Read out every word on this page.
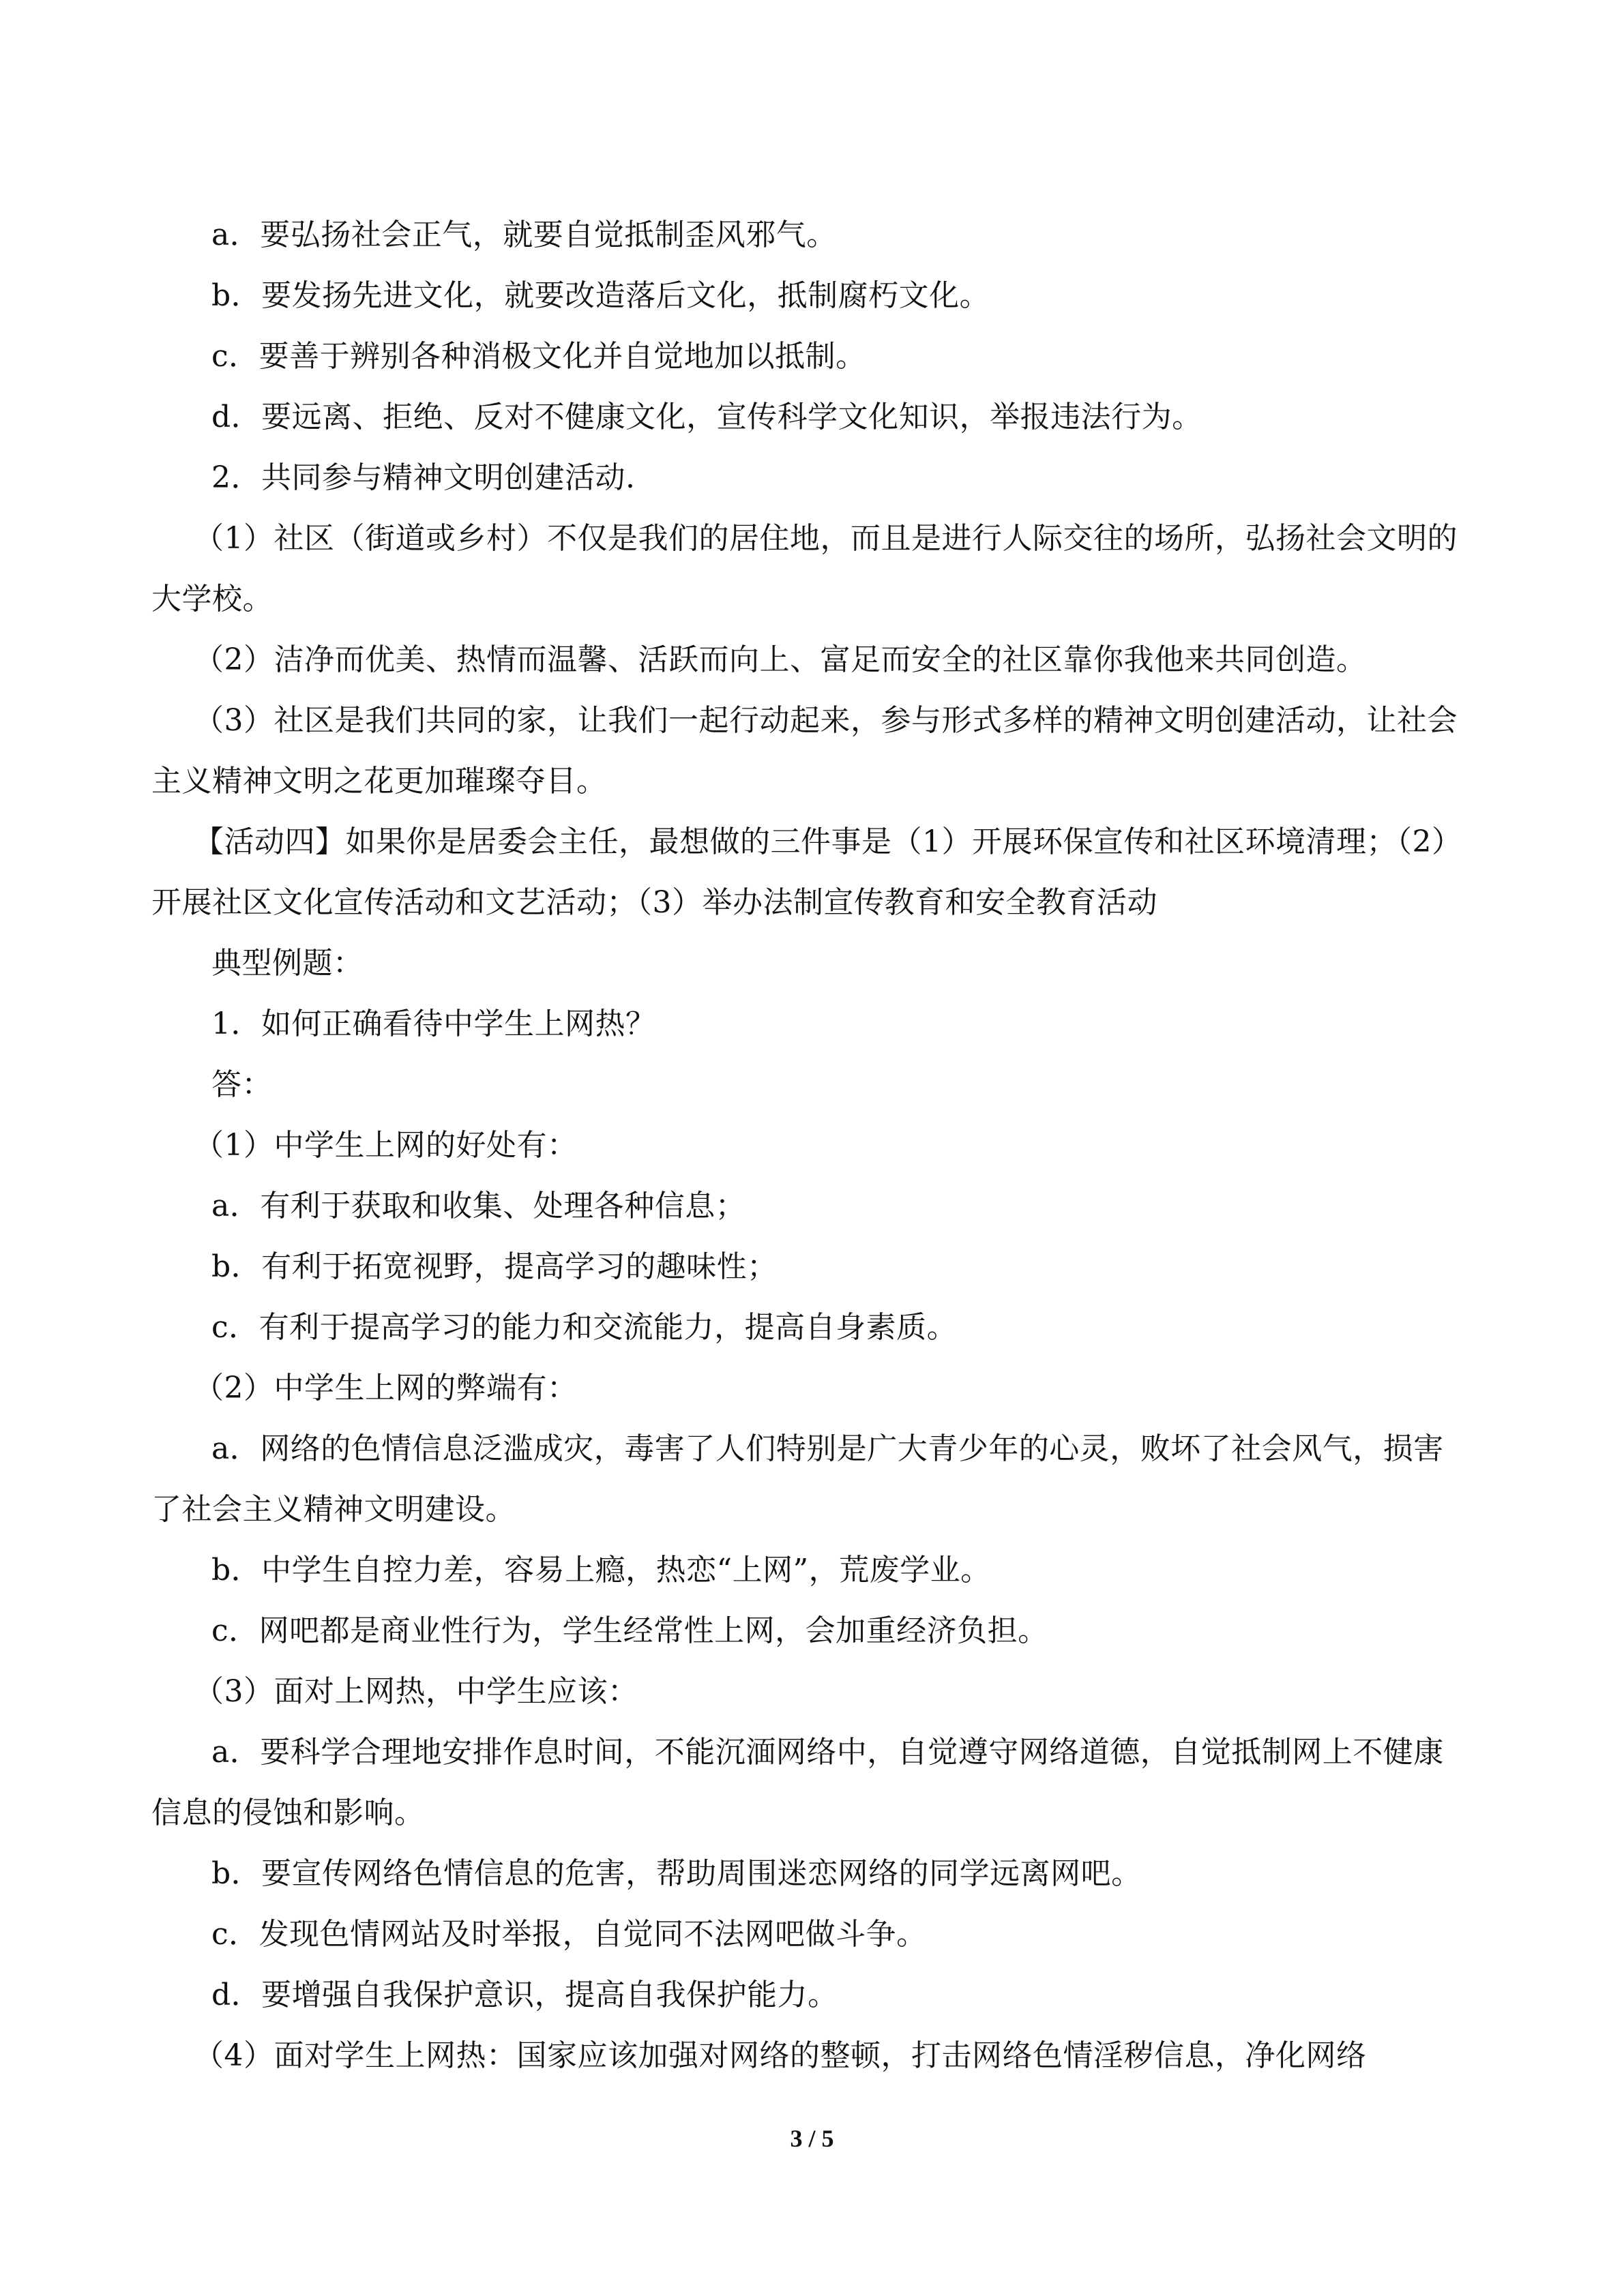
a．要弘扬社会正气，就要自觉抵制歪风邪气。

b．要发扬先进文化，就要改造落后文化，抵制腐朽文化。

c．要善于辨别各种消极文化并自觉地加以抵制。

d．要远离、拒绝、反对不健康文化，宣传科学文化知识，举报违法行为。

2．共同参与精神文明创建活动.

（1）社区（街道或乡村）不仅是我们的居住地，而且是进行人际交往的场所，弘扬社会文明的大学校。

（2）洁净而优美、热情而温馨、活跃而向上、富足而安全的社区靠你我他来共同创造。

（3）社区是我们共同的家，让我们一起行动起来，参与形式多样的精神文明创建活动，让社会主义精神文明之花更加璀璨夺目。

【活动四】如果你是居委会主任，最想做的三件事是（1）开展环保宣传和社区环境清理；（2）开展社区文化宣传活动和文艺活动；（3）举办法制宣传教育和安全教育活动

典型例题：

1．如何正确看待中学生上网热？

答：

（1）中学生上网的好处有：

a．有利于获取和收集、处理各种信息；

b．有利于拓宽视野，提高学习的趣味性；

c．有利于提高学习的能力和交流能力，提高自身素质。

（2）中学生上网的弊端有：

a．网络的色情信息泛滥成灾，毒害了人们特别是广大青少年的心灵，败坏了社会风气，损害了社会主义精神文明建设。

b．中学生自控力差，容易上瘾，热恋“上网”，荒废学业。

c．网吧都是商业性行为，学生经常性上网，会加重经济负担。

（3）面对上网热，中学生应该：

a．要科学合理地安排作息时间，不能沉湎网络中，自觉遵守网络道德，自觉抵制网上不健康信息的侵蚀和影响。

b．要宣传网络色情信息的危害，帮助周围迷恋网络的同学远离网吧。

c．发现色情网站及时举报，自觉同不法网吧做斗争。

d．要增强自我保护意识，提高自我保护能力。

（4）面对学生上网热：国家应该加强对网络的整顿，打击网络色情淫秽信息，净化网络

3 / 5
